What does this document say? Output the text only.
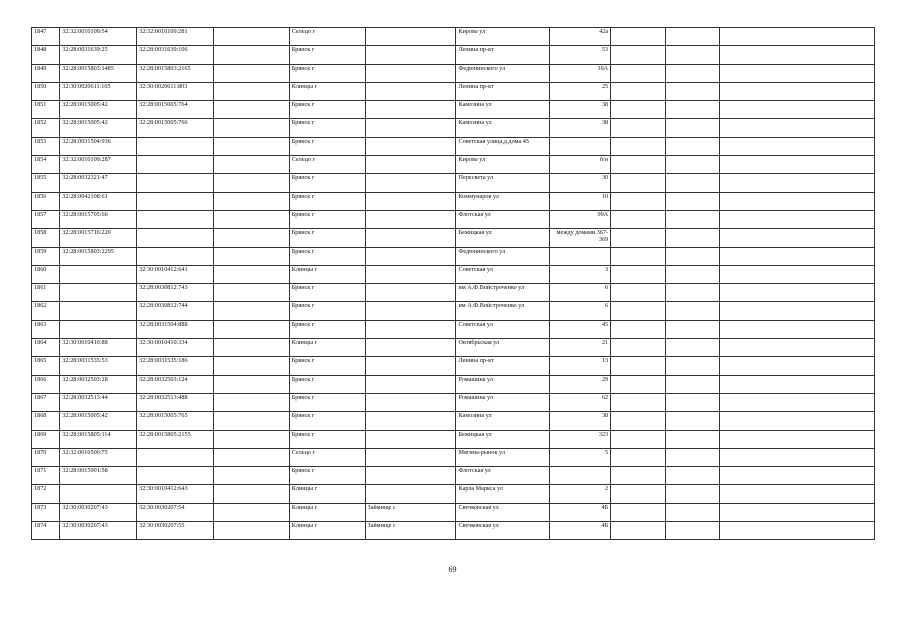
1847	32:32:0010109:54	32:32:0010109:281		Сельцо г		Кирова ул	42а			
1848	32:28:0031639:25	32:28:0031639:106		Брянск г		Ленина пр-кт	53			
1849	32:28:0015803:1485	32:28:0015803:2165		Брянск г		Федюнинского ул	10А			
1850	32:30:0020611:105	32:30:0020611:803		Клинцы г		Ленина пр-кт	25			
1851	32:28:0015005:42	32:28:0015005:764		Брянск г		Камозина ул	38			
1852	32:28:0015005:42	32:28:0015005:766		Брянск г		Камозина ул	38			
1853	32:28:0031504:936			Брянск г		Советская улица,д.дома 45				
1854	32:32:0010109:287			Сельцо г		Кирова ул	б/н			
1855	32:28:0032321:47			Брянск г		Пересвета ул	30			
1856	32:28:0042108:61			Брянск г		Коммунаров ул	10			
1857	32:28:0015705:66			Брянск г		Флотская ул	99А			
1858	32:28:0015716:220			Брянск г		Бежицкая ул	между домами 367-369			
1859	32:28:0015803:2295			Брянск г		Федюнинского ул				
1860		32:30:0010412:641		Клинцы г		Советская ул	3			
1861		32:28:0030812:743		Брянск г		им А.Ф.Войстроченко ул	6			
1862		32:28:0030812:744		Брянск г		им А.Ф.Войстроченко ул	6			
1863		32:28:0031504:888		Брянск г		Советская ул	45			
1864	32:30:0010410:88	32:30:0010410:334		Клинцы г		Октябрьская ул	21			
1865	32:28:0031535:53	32:28:0031535:186		Брянск г		Ленина пр-кт	13			
1866	32:28:0032503:28	32:28:0032503:124		Брянск г		Ромашина ул	29			
1867	32:28:0032513:44	32:28:0032513:488		Брянск г		Ромашина ул	62			
1868	32:28:0015005:42	32:28:0015005:765		Брянск г		Камозина ул	38			
1869	32:28:0015805:114	32:28:0015805:2155		Брянск г		Бежицкая ул	323			
1870	32:32:0010506:75			Сельцо г		Мягина-рынок ул	5			
1871	32:28:0015901:58			Брянск г		Флотская ул				
1872		32:30:0010412:643		Клинцы г		Карла Маркса ул	2			
1873	32:30:0030207:43	32:30:0030207:54		Клинцы г	Займище с	Свечковская ул	4Б			
1874	32:30:0030207:43	32:30:0030207:55		Клинцы г	Займище с	Свечковская ул	4Б			
69
